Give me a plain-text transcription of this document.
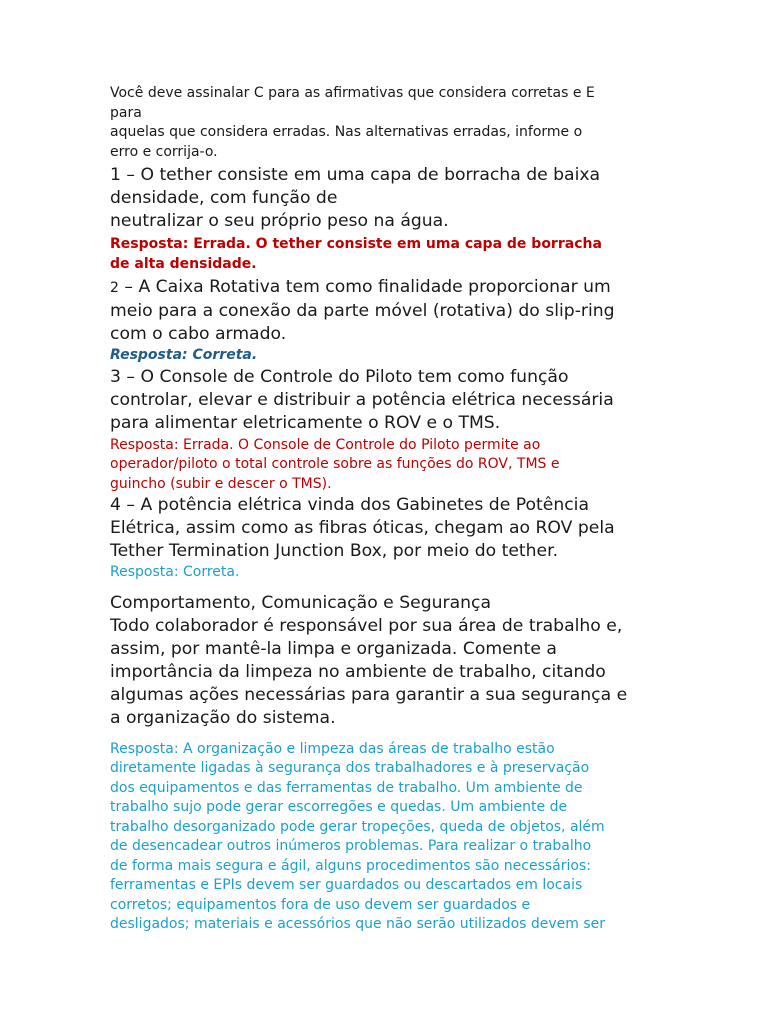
Você deve assinalar C para as afirmativas que considera corretas e E
para
aquelas que considera erradas. Nas alternativas erradas, informe o
erro e corrija-o.
1 – O tether consiste em uma capa de borracha de baixa
densidade, com função de
neutralizar o seu próprio peso na água.
Resposta: Errada. O tether consiste em uma capa de borracha
de alta densidade.
2 – A Caixa Rotativa tem como finalidade proporcionar um
meio para a conexão da parte móvel (rotativa) do slip-ring
com o cabo armado.
Resposta: Correta.
3 – O Console de Controle do Piloto tem como função
controlar, elevar e distribuir a potência elétrica necessária
para alimentar eletricamente o ROV e o TMS.
Resposta: Errada. O Console de Controle do Piloto permite ao
operador/piloto o total controle sobre as funções do ROV, TMS e
guincho (subir e descer o TMS).
4 – A potência elétrica vinda dos Gabinetes de Potência
Elétrica, assim como as fibras óticas, chegam ao ROV pela
Tether Termination Junction Box, por meio do tether.
Resposta: Correta.
Comportamento, Comunicação e Segurança
Todo colaborador é responsável por sua área de trabalho e,
assim, por mantê-la limpa e organizada. Comente a
importância da limpeza no ambiente de trabalho, citando
algumas ações necessárias para garantir a sua segurança e
a organização do sistema.
Resposta: A organização e limpeza das áreas de trabalho estão
diretamente ligadas à segurança dos trabalhadores e à preservação
dos equipamentos e das ferramentas de trabalho. Um ambiente de
trabalho sujo pode gerar escorregões e quedas. Um ambiente de
trabalho desorganizado pode gerar tropeções, queda de objetos, além
de desencadear outros inúmeros problemas. Para realizar o trabalho
de forma mais segura e ágil, alguns procedimentos são necessários:
ferramentas e EPIs devem ser guardados ou descartados em locais
corretos; equipamentos fora de uso devem ser guardados e
desligados; materiais e acessórios que não serão utilizados devem ser
